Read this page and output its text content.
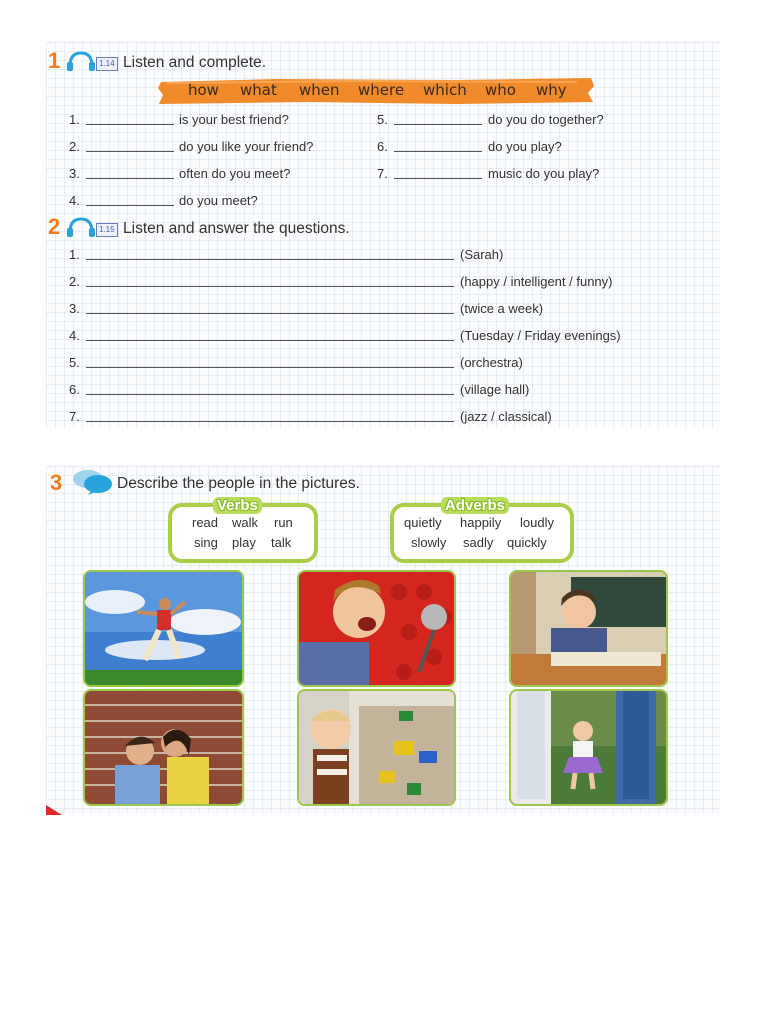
1	1.14 Listen and complete.
how what when where which who why
1.	is your best friend?
2.	do you like your friend?
3.	often do you meet?
4.	do you meet?
5.	do you do together?
6.	do you play?
7.	music do you play?
2	1.15 Listen and answer the questions.
1.	(Sarah)
2.	(happy / intelligent / funny)
3.	(twice a week)
4.	(Tuesday / Friday evenings)
5.	(orchestra)
6.	(village hall)
7.	(jazz / classical)
3	Describe the people in the pictures.
Verbs
read walk run
sing play talk
Adverbs
quietly happily loudly
slowly sadly quickly
